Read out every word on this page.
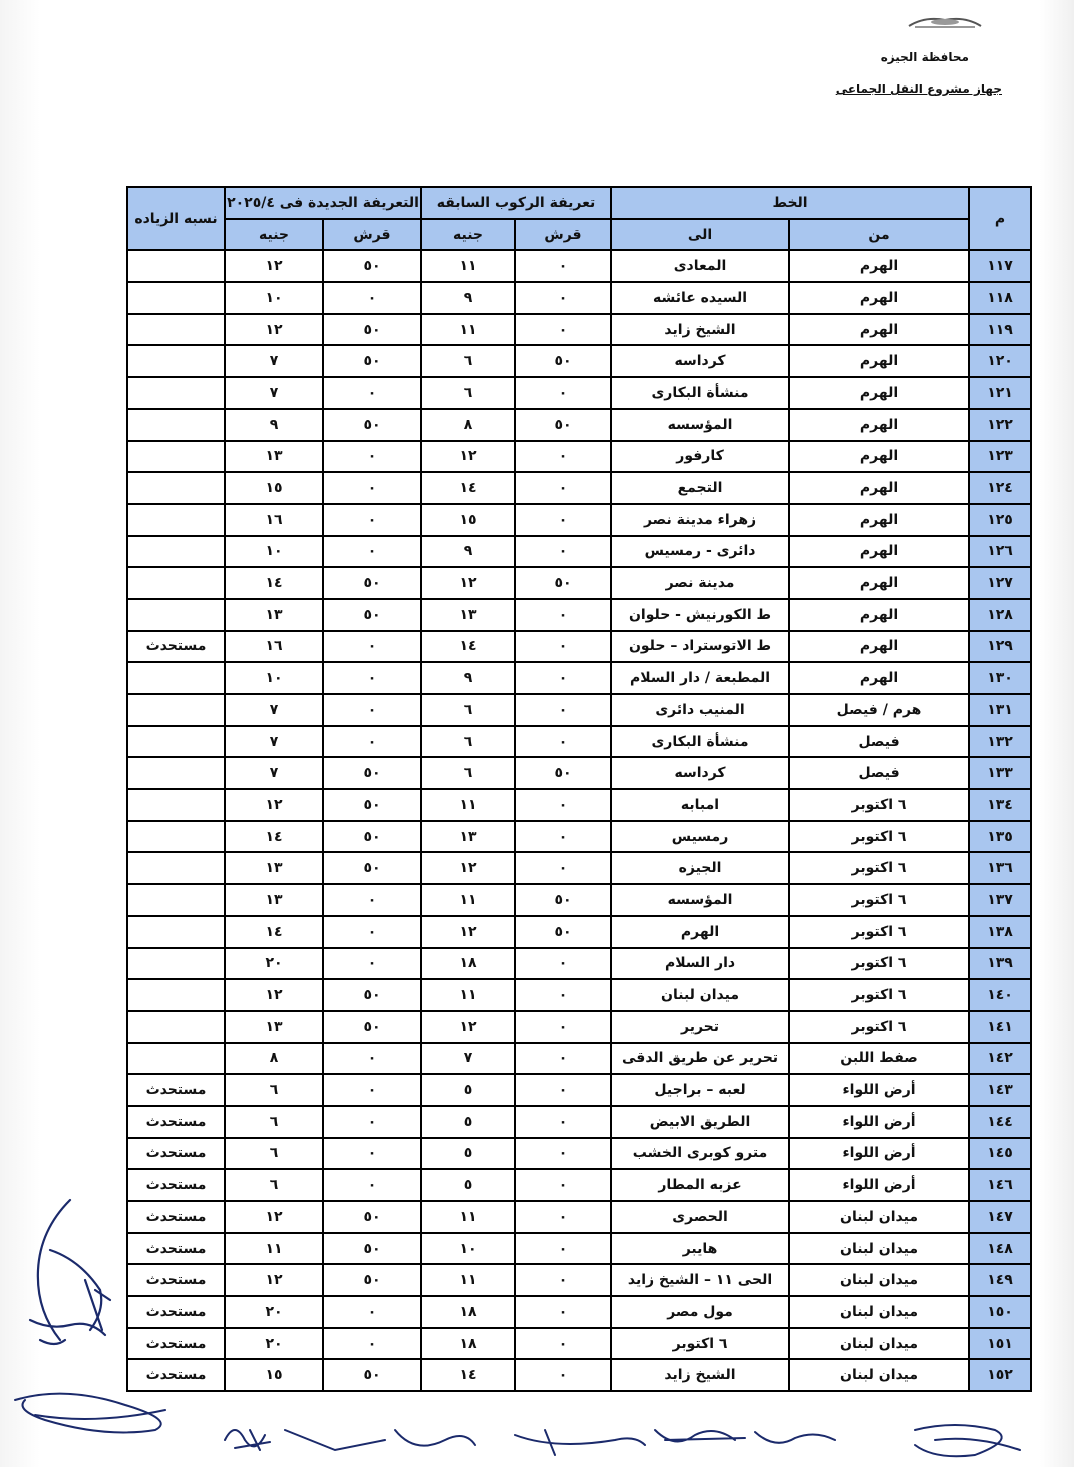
محافظة الجيزه
جهاز مشروع النقل الجماعى
م	الخط		تعريفة الركوب السابقه		التعريفة الجديدة فى ٢٠٢٥/٤		نسبه الزياده
	من	الى	قرش	جنيه	قرش	جنيه	
١١٧	الهرم	المعادى	٠	١١	٥٠	١٢	
١١٨	الهرم	السيده عائشه	٠	٩	٠	١٠	
١١٩	الهرم	الشيخ زايد	٠	١١	٥٠	١٢	
١٢٠	الهرم	كرداسه	٥٠	٦	٥٠	٧	
١٢١	الهرم	منشأة البكارى	٠	٦	٠	٧	
١٢٢	الهرم	المؤسسه	٥٠	٨	٥٠	٩	
١٢٣	الهرم	كارفور	٠	١٢	٠	١٣	
١٢٤	الهرم	التجمع	٠	١٤	٠	١٥	
١٢٥	الهرم	زهراء مدينة نصر	٠	١٥	٠	١٦	
١٢٦	الهرم	دائرى - رمسيس	٠	٩	٠	١٠	
١٢٧	الهرم	مدينة نصر	٥٠	١٢	٥٠	١٤	
١٢٨	الهرم	ط الكورنيش - حلوان	٠	١٣	٥٠	١٣	
١٢٩	الهرم	ط الاتوستراد – حلون	٠	١٤	٠	١٦	مستحدث
١٣٠	الهرم	المطبعة / دار السلام	٠	٩	٠	١٠	
١٣١	هرم / فيصل	المنيب دائرى	٠	٦	٠	٧	
١٣٢	فيصل	منشأة البكارى	٠	٦	٠	٧	
١٣٣	فيصل	كرداسه	٥٠	٦	٥٠	٧	
١٣٤	٦ اكتوبر	امبابه	٠	١١	٥٠	١٢	
١٣٥	٦ اكتوبر	رمسيس	٠	١٣	٥٠	١٤	
١٣٦	٦ اكتوبر	الجيزه	٠	١٢	٥٠	١٣	
١٣٧	٦ اكتوبر	المؤسسه	٥٠	١١	٠	١٣	
١٣٨	٦ اكتوبر	الهرم	٥٠	١٢	٠	١٤	
١٣٩	٦ اكتوبر	دار السلام	٠	١٨	٠	٢٠	
١٤٠	٦ اكتوبر	ميدان لبنان	٠	١١	٥٠	١٢	
١٤١	٦ اكتوبر	تحرير	٠	١٢	٥٠	١٣	
١٤٢	صفط اللبن	تحرير عن طريق الدقى	٠	٧	٠	٨	
١٤٣	أرض اللواء	لعبه – براجيل	٠	٥	٠	٦	مستحدث
١٤٤	أرض اللواء	الطريق الابيض	٠	٥	٠	٦	مستحدث
١٤٥	أرض اللواء	مترو كوبرى الخشب	٠	٥	٠	٦	مستحدث
١٤٦	أرض اللواء	عزبه المطار	٠	٥	٠	٦	مستحدث
١٤٧	ميدان لبنان	الحصرى	٠	١١	٥٠	١٢	مستحدث
١٤٨	ميدان لبنان	هايبر	٠	١٠	٥٠	١١	مستحدث
١٤٩	ميدان لبنان	الحى ١١ – الشيخ زايد	٠	١١	٥٠	١٢	مستحدث
١٥٠	ميدان لبنان	مول مصر	٠	١٨	٠	٢٠	مستحدث
١٥١	ميدان لبنان	٦ اكتوبر	٠	١٨	٠	٢٠	مستحدث
١٥٢	ميدان لبنان	الشيخ زايد	٠	١٤	٥٠	١٥	مستحدث
